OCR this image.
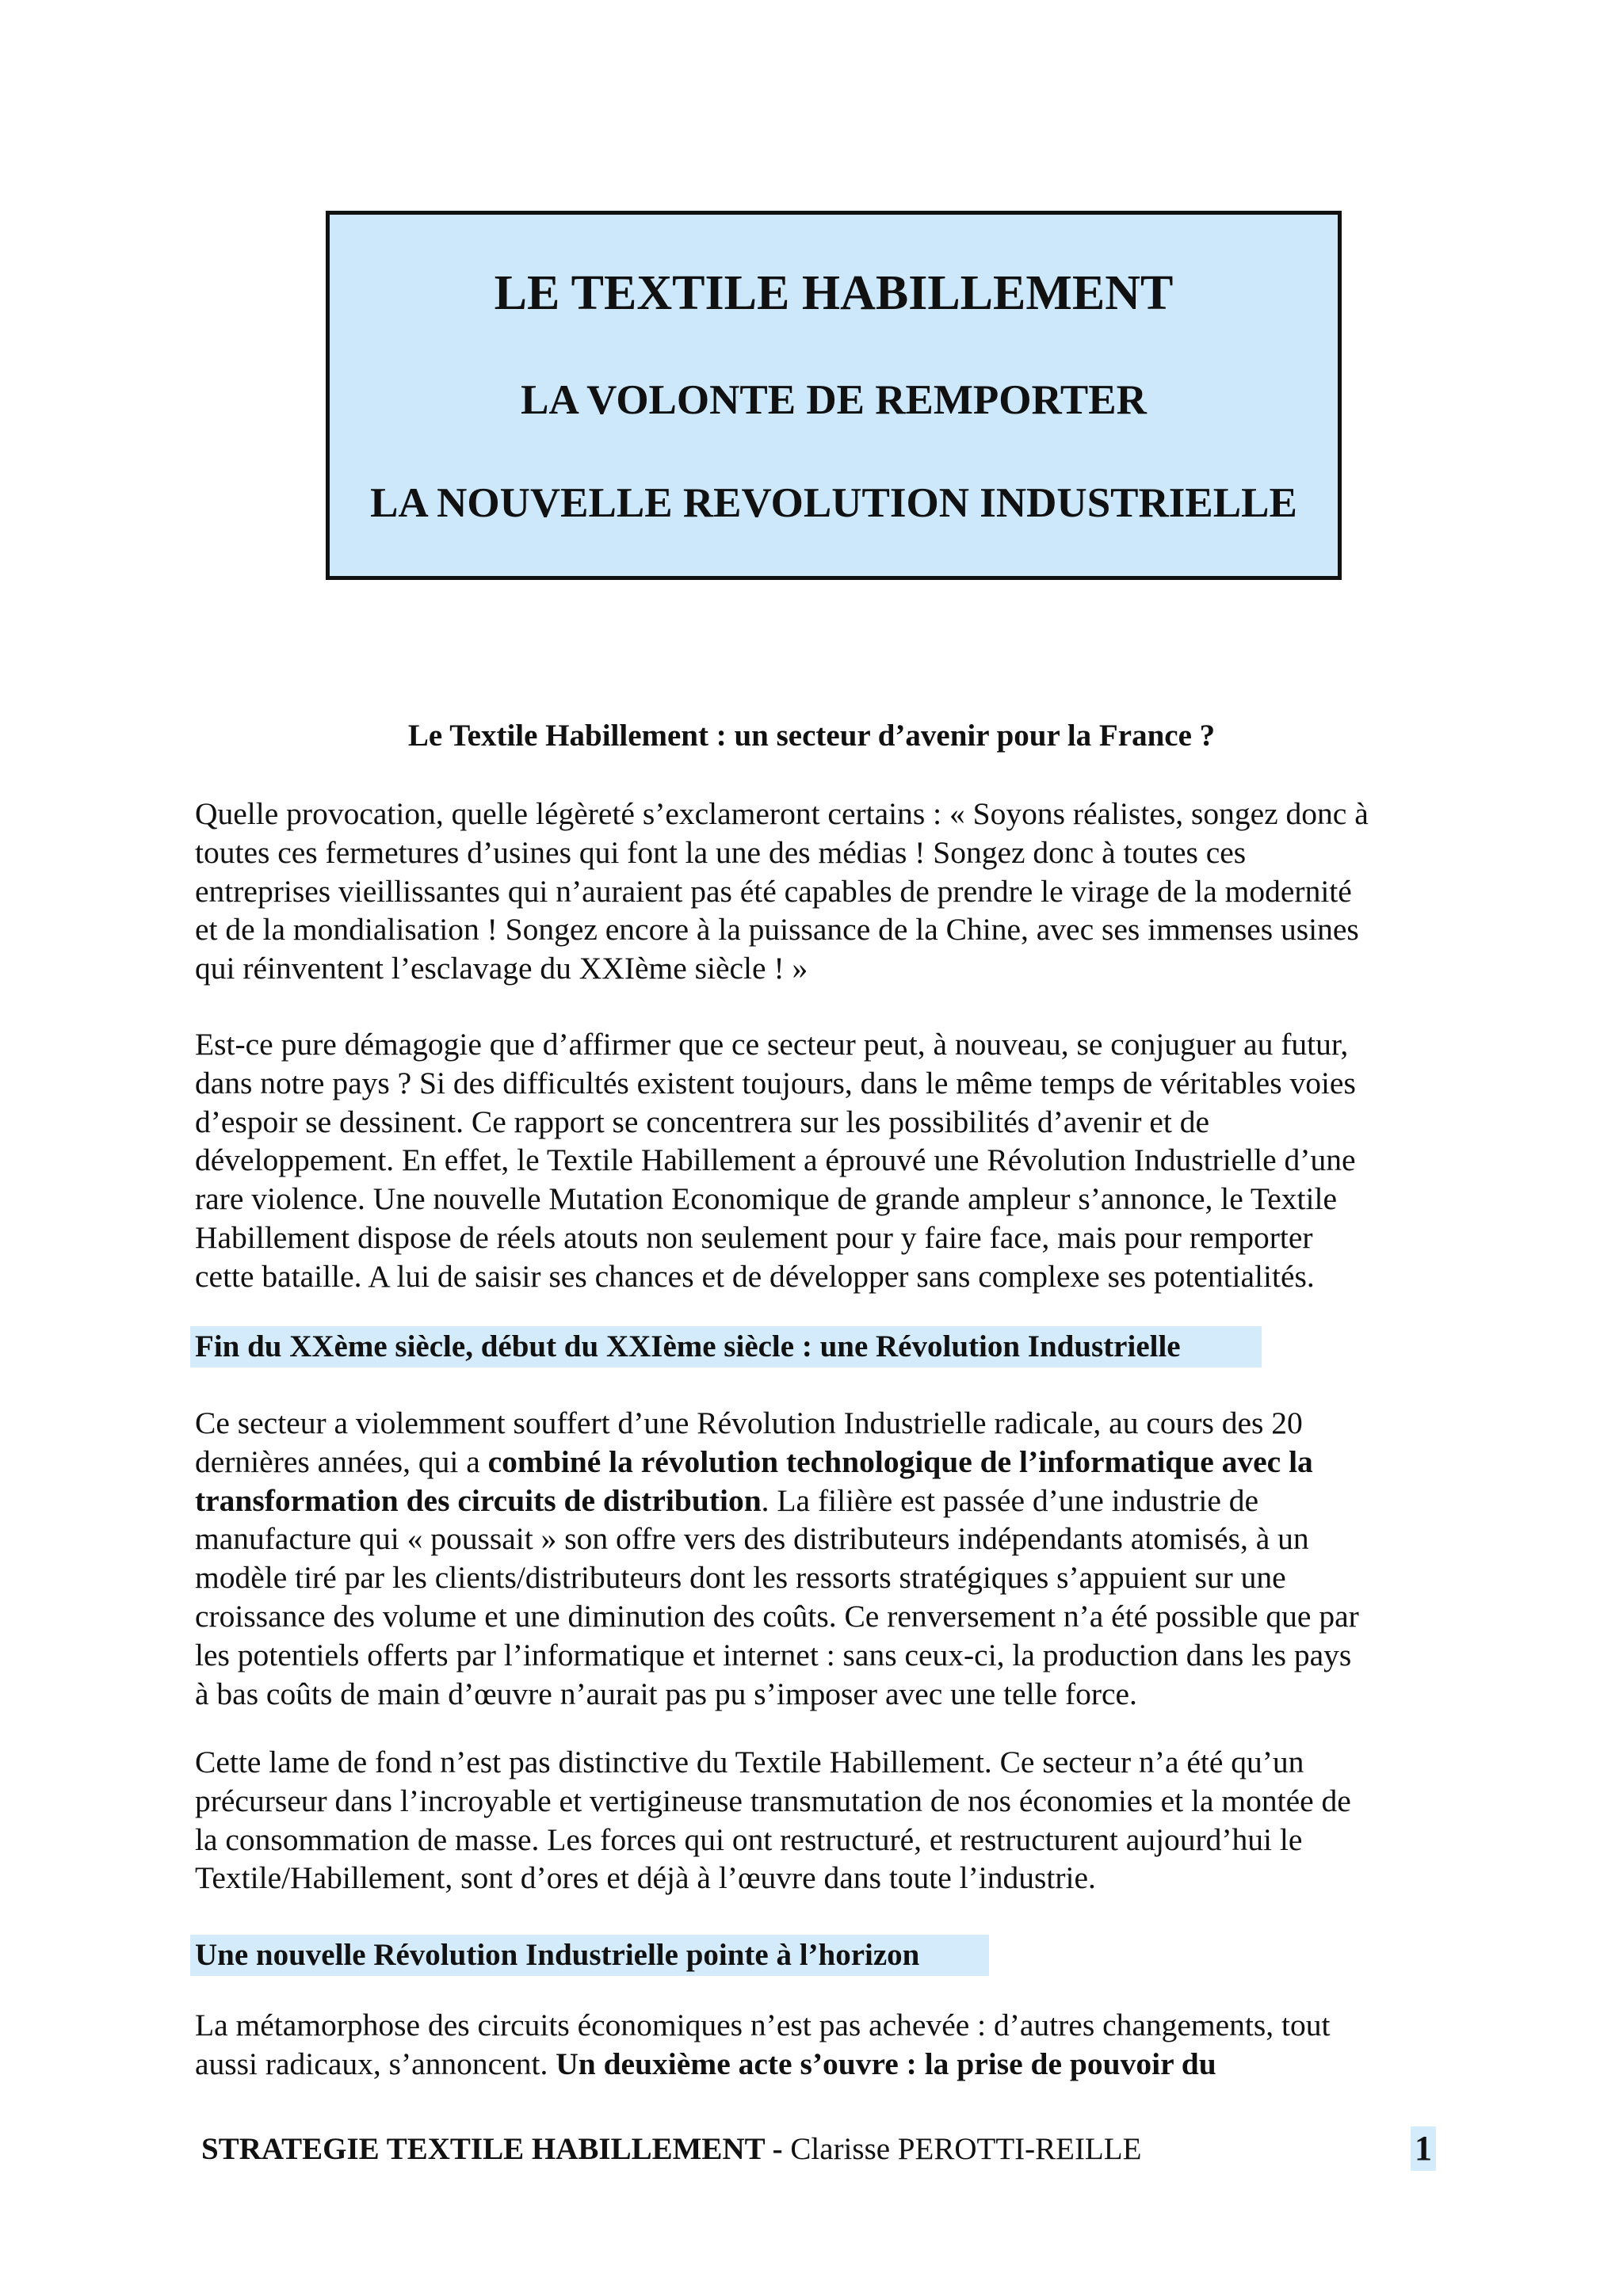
LE TEXTILE HABILLEMENT
LA VOLONTE DE REMPORTER
LA NOUVELLE REVOLUTION INDUSTRIELLE
Le Textile Habillement : un secteur d’avenir pour la France ?

Quelle provocation, quelle légèreté s’exclameront certains : « Soyons réalistes, songez donc à
toutes ces fermetures d’usines qui font la une des médias ! Songez donc à toutes ces
entreprises vieillissantes qui n’auraient pas été capables de prendre le virage de la modernité
et de la mondialisation ! Songez encore à la puissance de la Chine, avec ses immenses usines
qui réinventent l’esclavage du XXIème siècle ! »

Est-ce pure démagogie que d’affirmer que ce secteur peut, à nouveau, se conjuguer au futur,
dans notre pays ? Si des difficultés existent toujours, dans le même temps de véritables voies
d’espoir se dessinent. Ce rapport se concentrera sur les possibilités d’avenir et de
développement. En effet, le Textile Habillement a éprouvé une Révolution Industrielle d’une
rare violence. Une nouvelle Mutation Economique de grande ampleur s’annonce, le Textile
Habillement dispose de réels atouts non seulement pour y faire face, mais pour remporter
cette bataille. A lui de saisir ses chances et de développer sans complexe ses potentialités.

Fin du XXème siècle, début du XXIème siècle : une Révolution Industrielle

Ce secteur a violemment souffert d’une Révolution Industrielle radicale, au cours des 20
dernières années, qui a combiné la révolution technologique de l’informatique avec la
transformation des circuits de distribution. La filière est passée d’une industrie de
manufacture qui « poussait » son offre vers des distributeurs indépendants atomisés, à un
modèle tiré par les clients/distributeurs dont les ressorts stratégiques s’appuient sur une
croissance des volume et une diminution des coûts. Ce renversement n’a été possible que par
les potentiels offerts par l’informatique et internet : sans ceux-ci, la production dans les pays
à bas coûts de main d’œuvre n’aurait pas pu s’imposer avec une telle force.

Cette lame de fond n’est pas distinctive du Textile Habillement. Ce secteur n’a été qu’un
précurseur dans l’incroyable et vertigineuse transmutation de nos économies et la montée de
la consommation de masse. Les forces qui ont restructuré, et restructurent aujourd’hui le
Textile/Habillement, sont d’ores et déjà à l’œuvre dans toute l’industrie.

Une nouvelle Révolution Industrielle pointe à l’horizon

La métamorphose des circuits économiques n’est pas achevée : d’autres changements, tout
aussi radicaux, s’annoncent. Un deuxième acte s’ouvre : la prise de pouvoir du

STRATEGIE TEXTILE HABILLEMENT - Clarisse PEROTTI-REILLE	1
